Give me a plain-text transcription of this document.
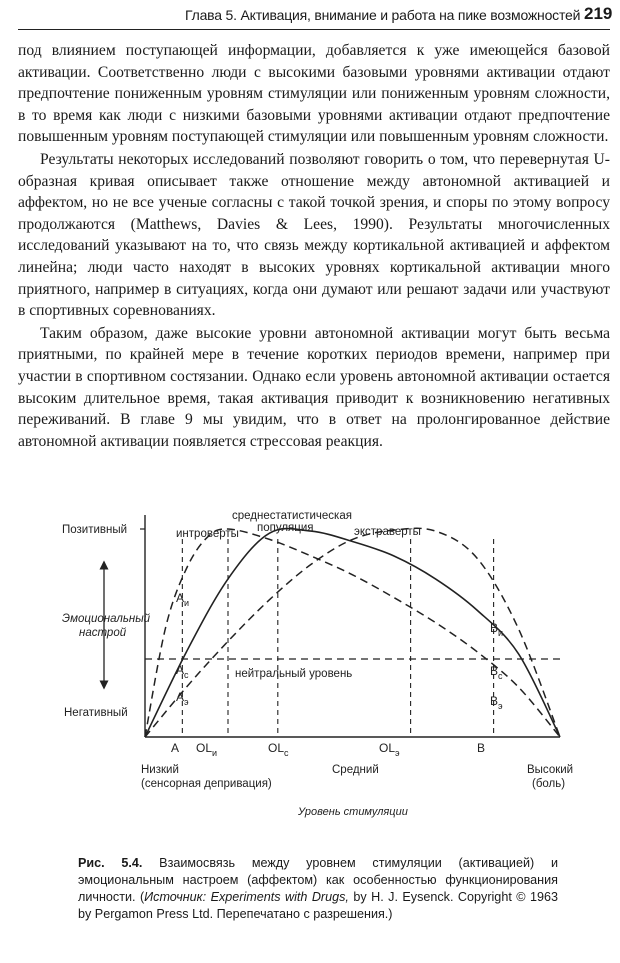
Глава 5. Активация, внимание и работа на пике возможностей 219

под влиянием поступающей информации, добавляется к уже имеющейся базовой активации. Соответственно люди с высокими базовыми уровнями активации отдают предпочтение пониженным уровням стимуляции или пониженным уровням сложности, в то время как люди с низкими базовыми уровнями активации отдают предпочтение повышенным уровням поступающей стимуляции или повышенным уровням сложности.

Результаты некоторых исследований позволяют говорить о том, что перевернутая U-образная кривая описывает также отношение между автономной активацией и аффектом, но не все ученые согласны с такой точкой зрения, и споры по этому вопросу продолжаются (Matthews, Davies & Lees, 1990). Результаты многочисленных исследований указывают на то, что связь между кортикальной активацией и аффектом линейна; люди часто находят в высоких уровнях кортикальной активации много приятного, например в ситуациях, когда они думают или решают задачи или участвуют в спортивных соревнованиях.

Таким образом, даже высокие уровни автономной активации могут быть весьма приятными, по крайней мере в течение коротких периодов времени, например при участии в спортивном состязании. Однако если уровень автономной активации остается высоким длительное время, такая активация приводит к возникновению негативных переживаний. В главе 9 мы увидим, что в ответ на пролонгированное действие автономной активации появляется стрессовая реакция.

Позитивный
Эмоциональный
настрой
Негативный
интроверты
среднестатистическая
популяция	экстраверты
нейтральный уровень
$A_и$
$A_c$
$A_э$
$B_и$
$B_c$
$B_э$
A $OL_и$	$OL_c$	$OL_э$	B
Низкий
(сенсорная депривация)
Средний	Высокий
(боль)
Уровень стимуляции
Рис. 5.4. Взаимосвязь между уровнем стимуляции (активацией) и эмоциональным настроем (аффектом) как особенностью функционирования личности. (Источник: Experiments with Drugs, by H. J. Eysenck. Copyright © 1963 by Pergamon Press Ltd. Перепечатано с разрешения.)
